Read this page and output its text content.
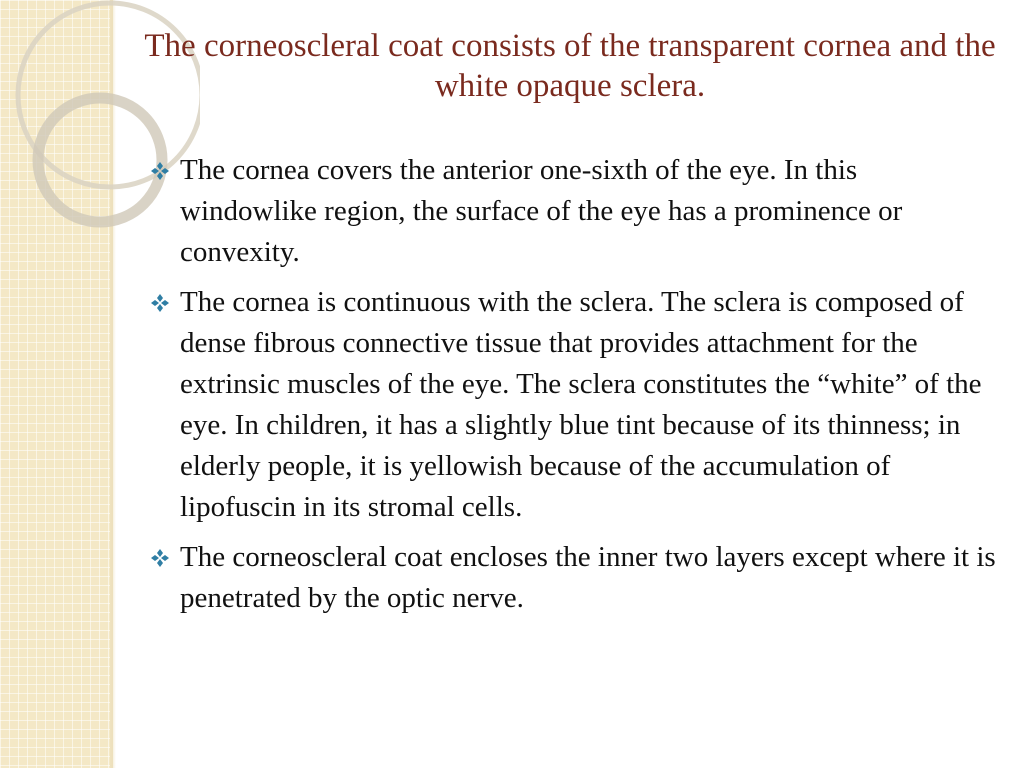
The corneoscleral coat consists of the transparent cornea and the white opaque sclera.
The cornea covers the anterior one-sixth of the eye. In this windowlike region, the surface of the eye has a prominence or convexity.
The cornea is continuous with the sclera. The sclera is composed of dense fibrous connective tissue that provides attachment for the extrinsic muscles of the eye. The sclera constitutes the “white” of the eye. In children, it has a slightly blue tint because of its thinness; in elderly people, it is yellowish because of the accumulation of lipofuscin in its stromal cells.
The corneoscleral coat encloses the inner two layers except where it is penetrated by the optic nerve.
